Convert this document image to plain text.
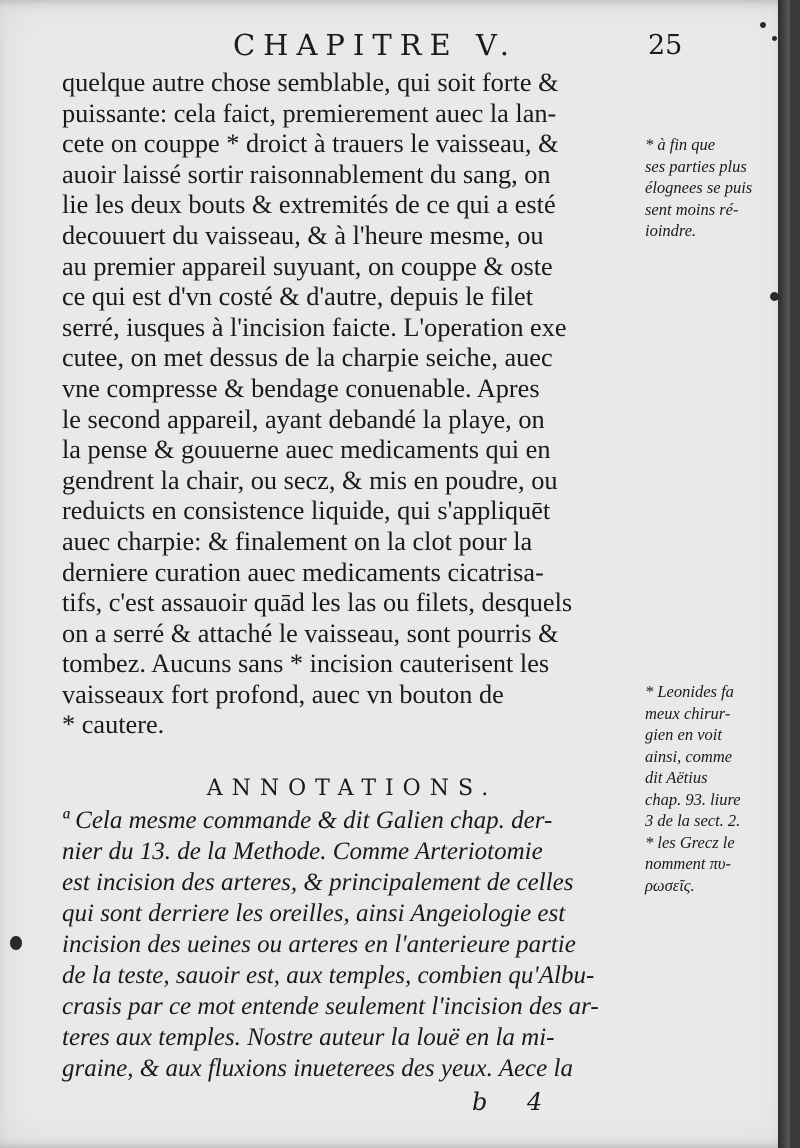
CHAPITRE V.	25
quelque autre chose semblable, qui soit forte &
puissante: cela faict, premierement auec la lan-
cete on couppe * droict à trauers le vaisseau, &
auoir laissé sortir raisonnablement du sang, on
lie les deux bouts & extremités de ce qui a esté
decouuert du vaisseau, & à l'heure mesme, ou
au premier appareil suyuant, on couppe & oste
ce qui est d'vn costé & d'autre, depuis le filet
serré, iusques à l'incision faicte. L'operation exe
cutee, on met dessus de la charpie seiche, auec
vne compresse & bendage conuenable. Apres
le second appareil, ayant debandé la playe, on
la pense & gouuerne auec medicaments qui en
gendrent la chair, ou secz, & mis en poudre, ou
reduicts en consistence liquide, qui s'appliquēt
auec charpie: & finalement on la clot pour la
derniere curation auec medicaments cicatrisa-
tifs, c'est assauoir quād les las ou filets, desquels
on a serré & attaché le vaisseau, sont pourris &
tombez. Aucuns sans * incision cauterisent les
vaisseaux fort profond, auec vn bouton de
* cautere.
ANNOTATIONS.
ª Cela mesme commande & dit Galien chap. der-
nier du 13. de la Methode. Comme Arteriotomie
est incision des arteres, & principalement de celles
qui sont derriere les oreilles, ainsi Angeiologie est
incision des ueines ou arteres en l'anterieure partie
de la teste, sauoir est, aux temples, combien qu'Albu-
crasis par ce mot entende seulement l'incision des ar-
teres aux temples. Nostre auteur la louë en la mi-
graine, & aux fluxions inueterees des yeux. Aece la
* à fin que
ses parties plus
élognees se puis
sent moins ré-
ioindre.
* Leonides fa
meux chirur-
gien en voit
ainsi, comme
dit Aëtius
chap. 93. liure
3 de la sect. 2.
* les Grecz le
nomment πυ-
ρωσεῖς.
b 4
